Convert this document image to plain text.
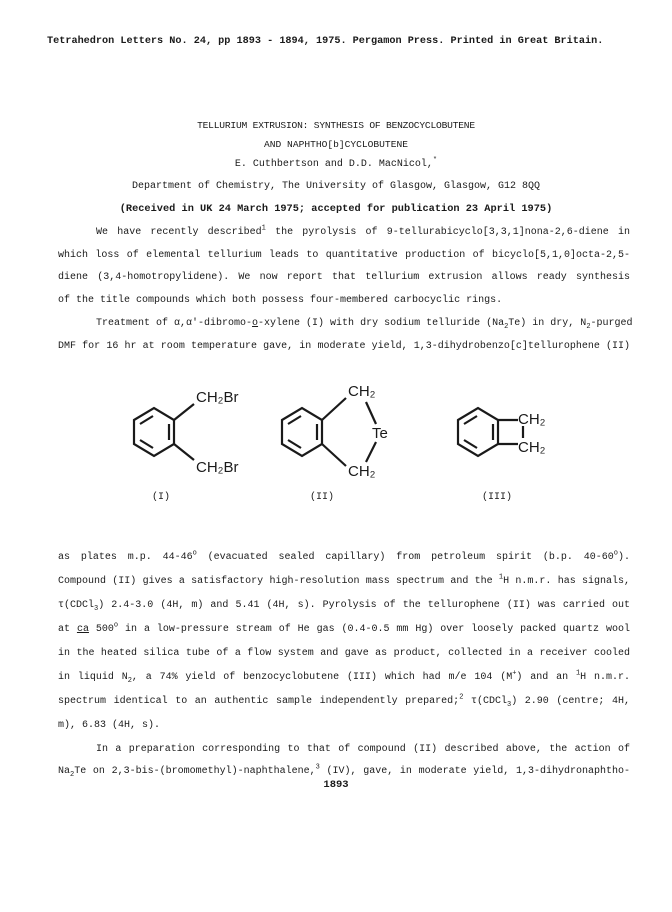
Tetrahedron Letters No. 24, pp 1893 - 1894, 1975. Pergamon Press. Printed in Great Britain.
TELLURIUM EXTRUSION: SYNTHESIS OF BENZOCYCLOBUTENE
AND NAPHTHO[b]CYCLOBUTENE
E. Cuthbertson and D.D. MacNicol,*
Department of Chemistry, The University of Glasgow, Glasgow, G12 8QQ
(Received in UK 24 March 1975; accepted for publication 23 April 1975)
We have recently described$^1$ the pyrolysis of 9-tellurabicyclo[3,3,1]nona-2,6-diene in
which loss of elemental tellurium leads to quantitative production of bicyclo[5,1,0]octa-2,5-
diene (3,4-homotropylidene). We now report that tellurium extrusion allows ready synthesis
of the title compounds which both possess four-membered carbocyclic rings.
Treatment of α,α'-dibromo-o-xylene (I) with dry sodium telluride $(Na_2Te)$ in dry, $N_2$-purged
DMF for 16 hr at room temperature gave, in moderate yield, 1,3-dihydrobenzo[c]tellurophene (II)
CH₂Br
CH₂Br
CH₂
Te
CH₂
CH₂
CH₂
(I)	(II)	(III)
as plates m.p. 44-46$^o$ (evacuated sealed capillary) from petroleum spirit (b.p. 40-60$^o$).
Compound (II) gives a satisfactory high-resolution mass spectrum and the $^1$H n.m.r. has signals,
τ(CDCl$_3$) 2.4-3.0 (4H, m) and 5.41 (4H, s). Pyrolysis of the tellurophene (II) was carried out
at ca 500$^o$ in a low-pressure stream of He gas (0.4-0.5 mm Hg) over loosely packed quartz wool
in the heated silica tube of a flow system and gave as product, collected in a receiver cooled
in liquid $N_2$, a 74% yield of benzocyclobutene (III) which had m/e 104 (M+) and an $^1$H n.m.r.
spectrum identical to an authentic sample independently prepared;$^2$ τ(CDCl$_3$) 2.90 (centre; 4H,
m), 6.83 (4H, s).
In a preparation corresponding to that of compound (II) described above, the action of
$Na_2Te$ on 2,3-bis-(bromomethyl)-naphthalene,$^3$ (IV), gave, in moderate yield, 1,3-dihydronaphtho-
1893
